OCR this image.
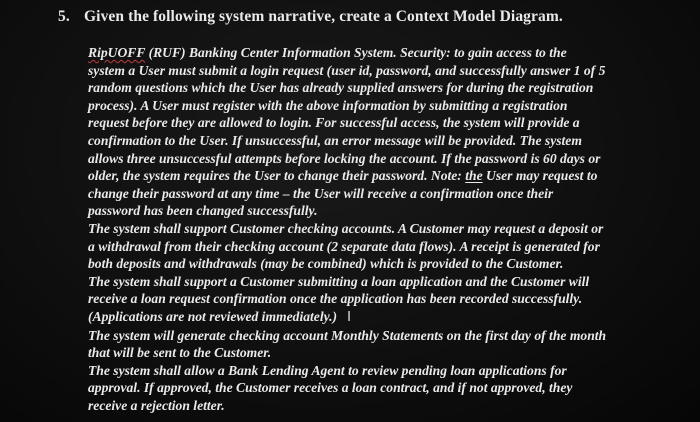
5. Given the following system narrative, create a Context Model Diagram.
RipUOFF (RUF) Banking Center Information System. Security: to gain access to the
system a User must submit a login request (user id, password, and successfully answer 1 of 5
random questions which the User has already supplied answers for during the registration
process). A User must register with the above information by submitting a registration
request before they are allowed to login. For successful access, the system will provide a
confirmation to the User. If unsuccessful, an error message will be provided. The system
allows three unsuccessful attempts before locking the account. If the password is 60 days or
older, the system requires the User to change their password. Note: the User may request to
change their password at any time – the User will receive a confirmation once their
password has been changed successfully.
The system shall support Customer checking accounts. A Customer may request a deposit or
a withdrawal from their checking account (2 separate data flows). A receipt is generated for
both deposits and withdrawals (may be combined) which is provided to the Customer.
The system shall support a Customer submitting a loan application and the Customer will
receive a loan request confirmation once the application has been recorded successfully.
(Applications are not reviewed immediately.) I
The system will generate checking account Monthly Statements on the first day of the month
that will be sent to the Customer.
The system shall allow a Bank Lending Agent to review pending loan applications for
approval. If approved, the Customer receives a loan contract, and if not approved, they
receive a rejection letter.
